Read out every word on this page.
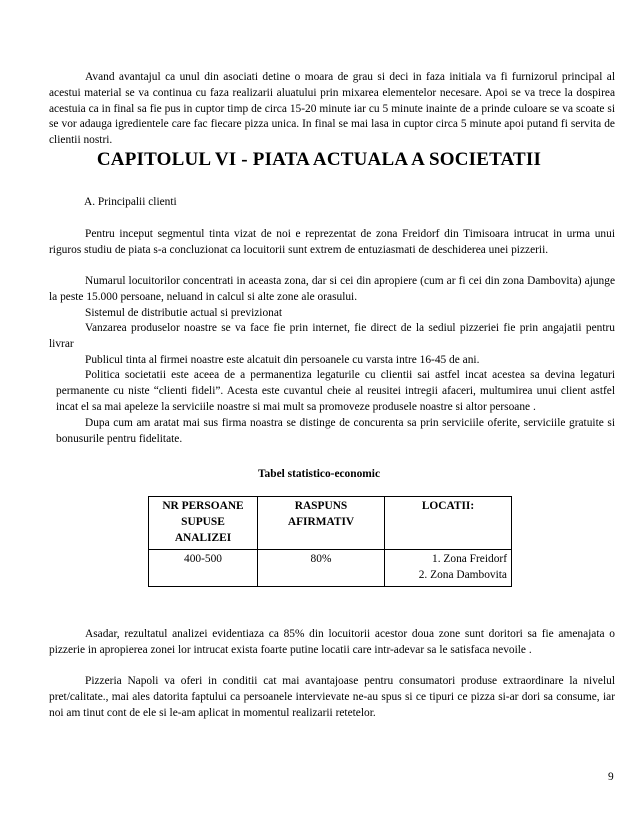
Avand avantajul ca unul din asociati detine o moara de grau si deci in faza initiala va fi furnizorul principal al acestui material se va continua cu faza realizarii aluatului prin mixarea elementelor necesare. Apoi se va trece la dospirea acestuia ca in final sa fie pus in cuptor timp de circa 15-20 minute iar cu 5 minute inainte de a prinde culoare se va scoate si se vor adauga igredientele care fac fiecare pizza unica. In final se mai lasa in cuptor circa 5 minute apoi putand fi servita de clientii nostri.

CAPITOLUL VI - PIATA ACTUALA A SOCIETATII
A. Principalii clienti

Pentru inceput segmentul tinta vizat de noi e reprezentat de zona Freidorf din Timisoara intrucat in urma unui riguros studiu de piata s-a concluzionat ca locuitorii sunt extrem de entuziasmati de deschiderea unei pizzerii.

Numarul locuitorilor concentrati in aceasta zona, dar si cei din apropiere (cum ar fi cei din zona Dambovita) ajunge la peste 15.000 persoane, neluand in calcul si alte zone ale orasului.

Sistemul de distributie actual si previzionat

Vanzarea produselor noastre se va face fie prin internet, fie direct de la sediul pizzeriei fie prin angajatii pentru livrar

Publicul tinta al firmei noastre este alcatuit din persoanele cu varsta intre 16-45 de ani.

Politica societatii este aceea de a permanentiza legaturile cu clientii sai astfel incat acestea sa devina legaturi permanente cu niste “clienti fideli”. Acesta este cuvantul cheie al reusitei intregii afaceri, multumirea unui client astfel incat el sa mai apeleze la serviciile noastre si mai mult sa promoveze produsele noastre si altor persoane .

Dupa cum am aratat mai sus firma noastra se distinge de concurenta sa prin serviciile oferite, serviciile gratuite si bonusurile pentru fidelitate.

Tabel statistico-economic
NR PERSOANE SUPUSE ANALIZEI	RASPUNS AFIRMATIV	LOCATII:
400-500	80%	1. Zona Freidorf
2. Zona Dambovita

Asadar, rezultatul analizei evidentiaza ca 85% din locuitorii acestor doua zone sunt doritori sa fie amenajata o pizzerie in apropierea zonei lor intrucat exista foarte putine locatii care intr-adevar sa le satisfaca nevoile .

Pizzeria Napoli va oferi in conditii cat mai avantajoase pentru consumatori produse extraordinare la nivelul pret/calitate., mai ales datorita faptului ca persoanele intervievate ne-au spus si ce tipuri ce pizza si-ar dori sa consume, iar noi am tinut cont de ele si le-am aplicat in momentul realizarii retetelor.

9
